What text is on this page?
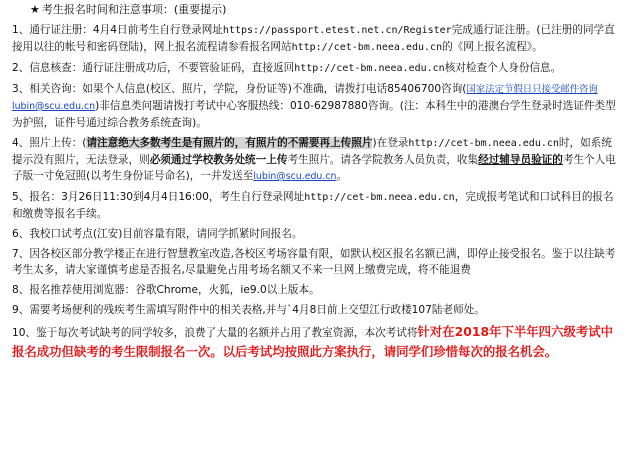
★ 考生报名时间和注意事项：(重要提示)
1、通行证注册：4月4日前考生自行登录网址https://passport.etest.net.cn/Register完成通行证注册。(已注册的同学直接用以往的帐号和密码登陆)，网上报名流程请参看报名网站http://cet-bm.neea.edu.cn的《网上报名流程》。
2、信息核查：通行证注册成功后，不要管验证码，直接返回http://cet-bm.neea.edu.cn核对检查个人身份信息。
3、相关咨询：如果个人信息(校区、照片，学院，身份证等)不准确，请拨打电话85406700咨询(国家法定节假日只接受邮件咨询 lubin@scu.edu.cn)非信息类问题请拨打考试中心客服热线：010-62987880咨询。(注：本科生中的港澳台学生登录时选证件类型为护照，证件号通过综合教务系统查询)。
4、照片上传：(请注意绝大多数考生是有照片的，有照片的不需要再上传照片)在登录http://cet-bm.neea.edu.cn时，如系统提示没有照片，无法登录，则必须通过学校教务处统一上传考生照片。请各学院教务人员负责，收集经过辅导员验证的考生个人电子版一寸免冠照(以考生身份证号命名)，一并发送至lubin@scu.edu.cn。
5、报名：3月26日11:30到4月4日16:00，考生自行登录网址http://cet-bm.neea.edu.cn，完成报考笔试和口试科目的报名和缴费等报名手续。
6、我校口试考点(江安)目前容量有限，请同学抓紧时间报名。
7、因各校区部分教学楼正在进行智慧教室改造,各校区考场容量有限，如默认校区报名名额已满，即停止接受报名。鉴于以往缺考考生太多，请大家谨慎考虑是否报名,尽量避免占用考场名额又不来一旦网上缴费完成，将不能退费
8、报名推荐使用浏览器：谷歌Chrome，火狐，ie9.0以上版本。
9、需要考场便利的残疾考生需填写附件中的相关表格,并与`4月8日前上交望江行政楼107陆老师处。
10、鉴于每次考试缺考的同学较多，浪费了大量的名额并占用了教室资源，本次考试将针对在2018年下半年四六级考试中报名成功但缺考的考生限制报名一次。以后考试均按照此方案执行，请同学们珍惜每次的报名机会。
